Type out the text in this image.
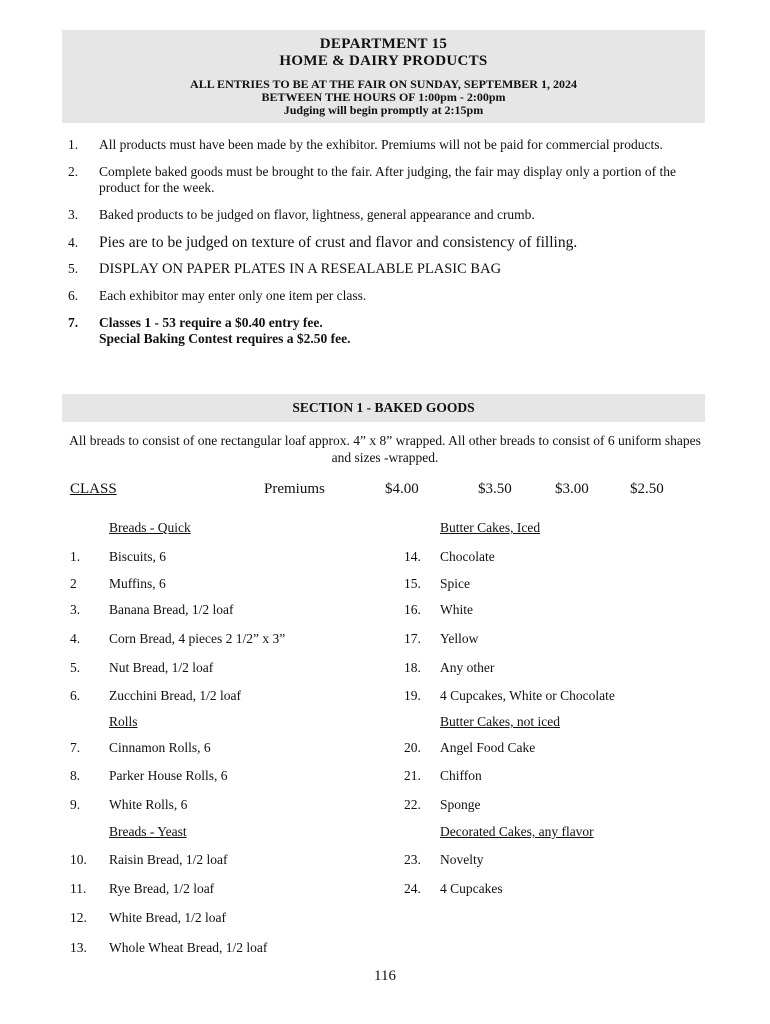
DEPARTMENT 15
HOME & DAIRY PRODUCTS
ALL ENTRIES TO BE AT THE FAIR ON SUNDAY, SEPTEMBER 1, 2024
BETWEEN THE HOURS OF 1:00pm - 2:00pm
Judging will begin promptly at 2:15pm
1.	All products must have been made by the exhibitor. Premiums will not be paid for commercial products.
2.	Complete baked goods must be brought to the fair. After judging, the fair may display only a portion of the product for the week.
3.	Baked products to be judged on flavor, lightness, general appearance and crumb.
4.	Pies are to be judged on texture of crust and flavor and consistency of filling.
5.	DISPLAY ON PAPER PLATES IN A RESEALABLE PLASIC BAG
6.	Each exhibitor may enter only one item per class.
7.	Classes 1 - 53 require a $0.40 entry fee.
Special Baking Contest requires a $2.50 fee.
SECTION 1 - BAKED GOODS
All breads to consist of one rectangular loaf approx. 4” x 8” wrapped. All other breads to consist of 6 uniform shapes and sizes -wrapped.
CLASS	Premiums	$4.00	$3.50	$3.00	$2.50
Breads - Quick
1. Biscuits, 6
2 Muffins, 6
3. Banana Bread, 1/2 loaf
4. Corn Bread, 4 pieces 2 1/2” x 3”
5. Nut Bread, 1/2 loaf
6. Zucchini Bread, 1/2 loaf
Rolls
7. Cinnamon Rolls, 6
8. Parker House Rolls, 6
9. White Rolls, 6
Breads - Yeast
10. Raisin Bread, 1/2 loaf
11. Rye Bread, 1/2 loaf
12. White Bread, 1/2 loaf
13. Whole Wheat Bread, 1/2 loaf
Butter Cakes, Iced
14. Chocolate
15. Spice
16. White
17. Yellow
18. Any other
19. 4 Cupcakes, White or Chocolate
Butter Cakes, not iced
20. Angel Food Cake
21. Chiffon
22. Sponge
Decorated Cakes, any flavor
23. Novelty
24. 4 Cupcakes
116
